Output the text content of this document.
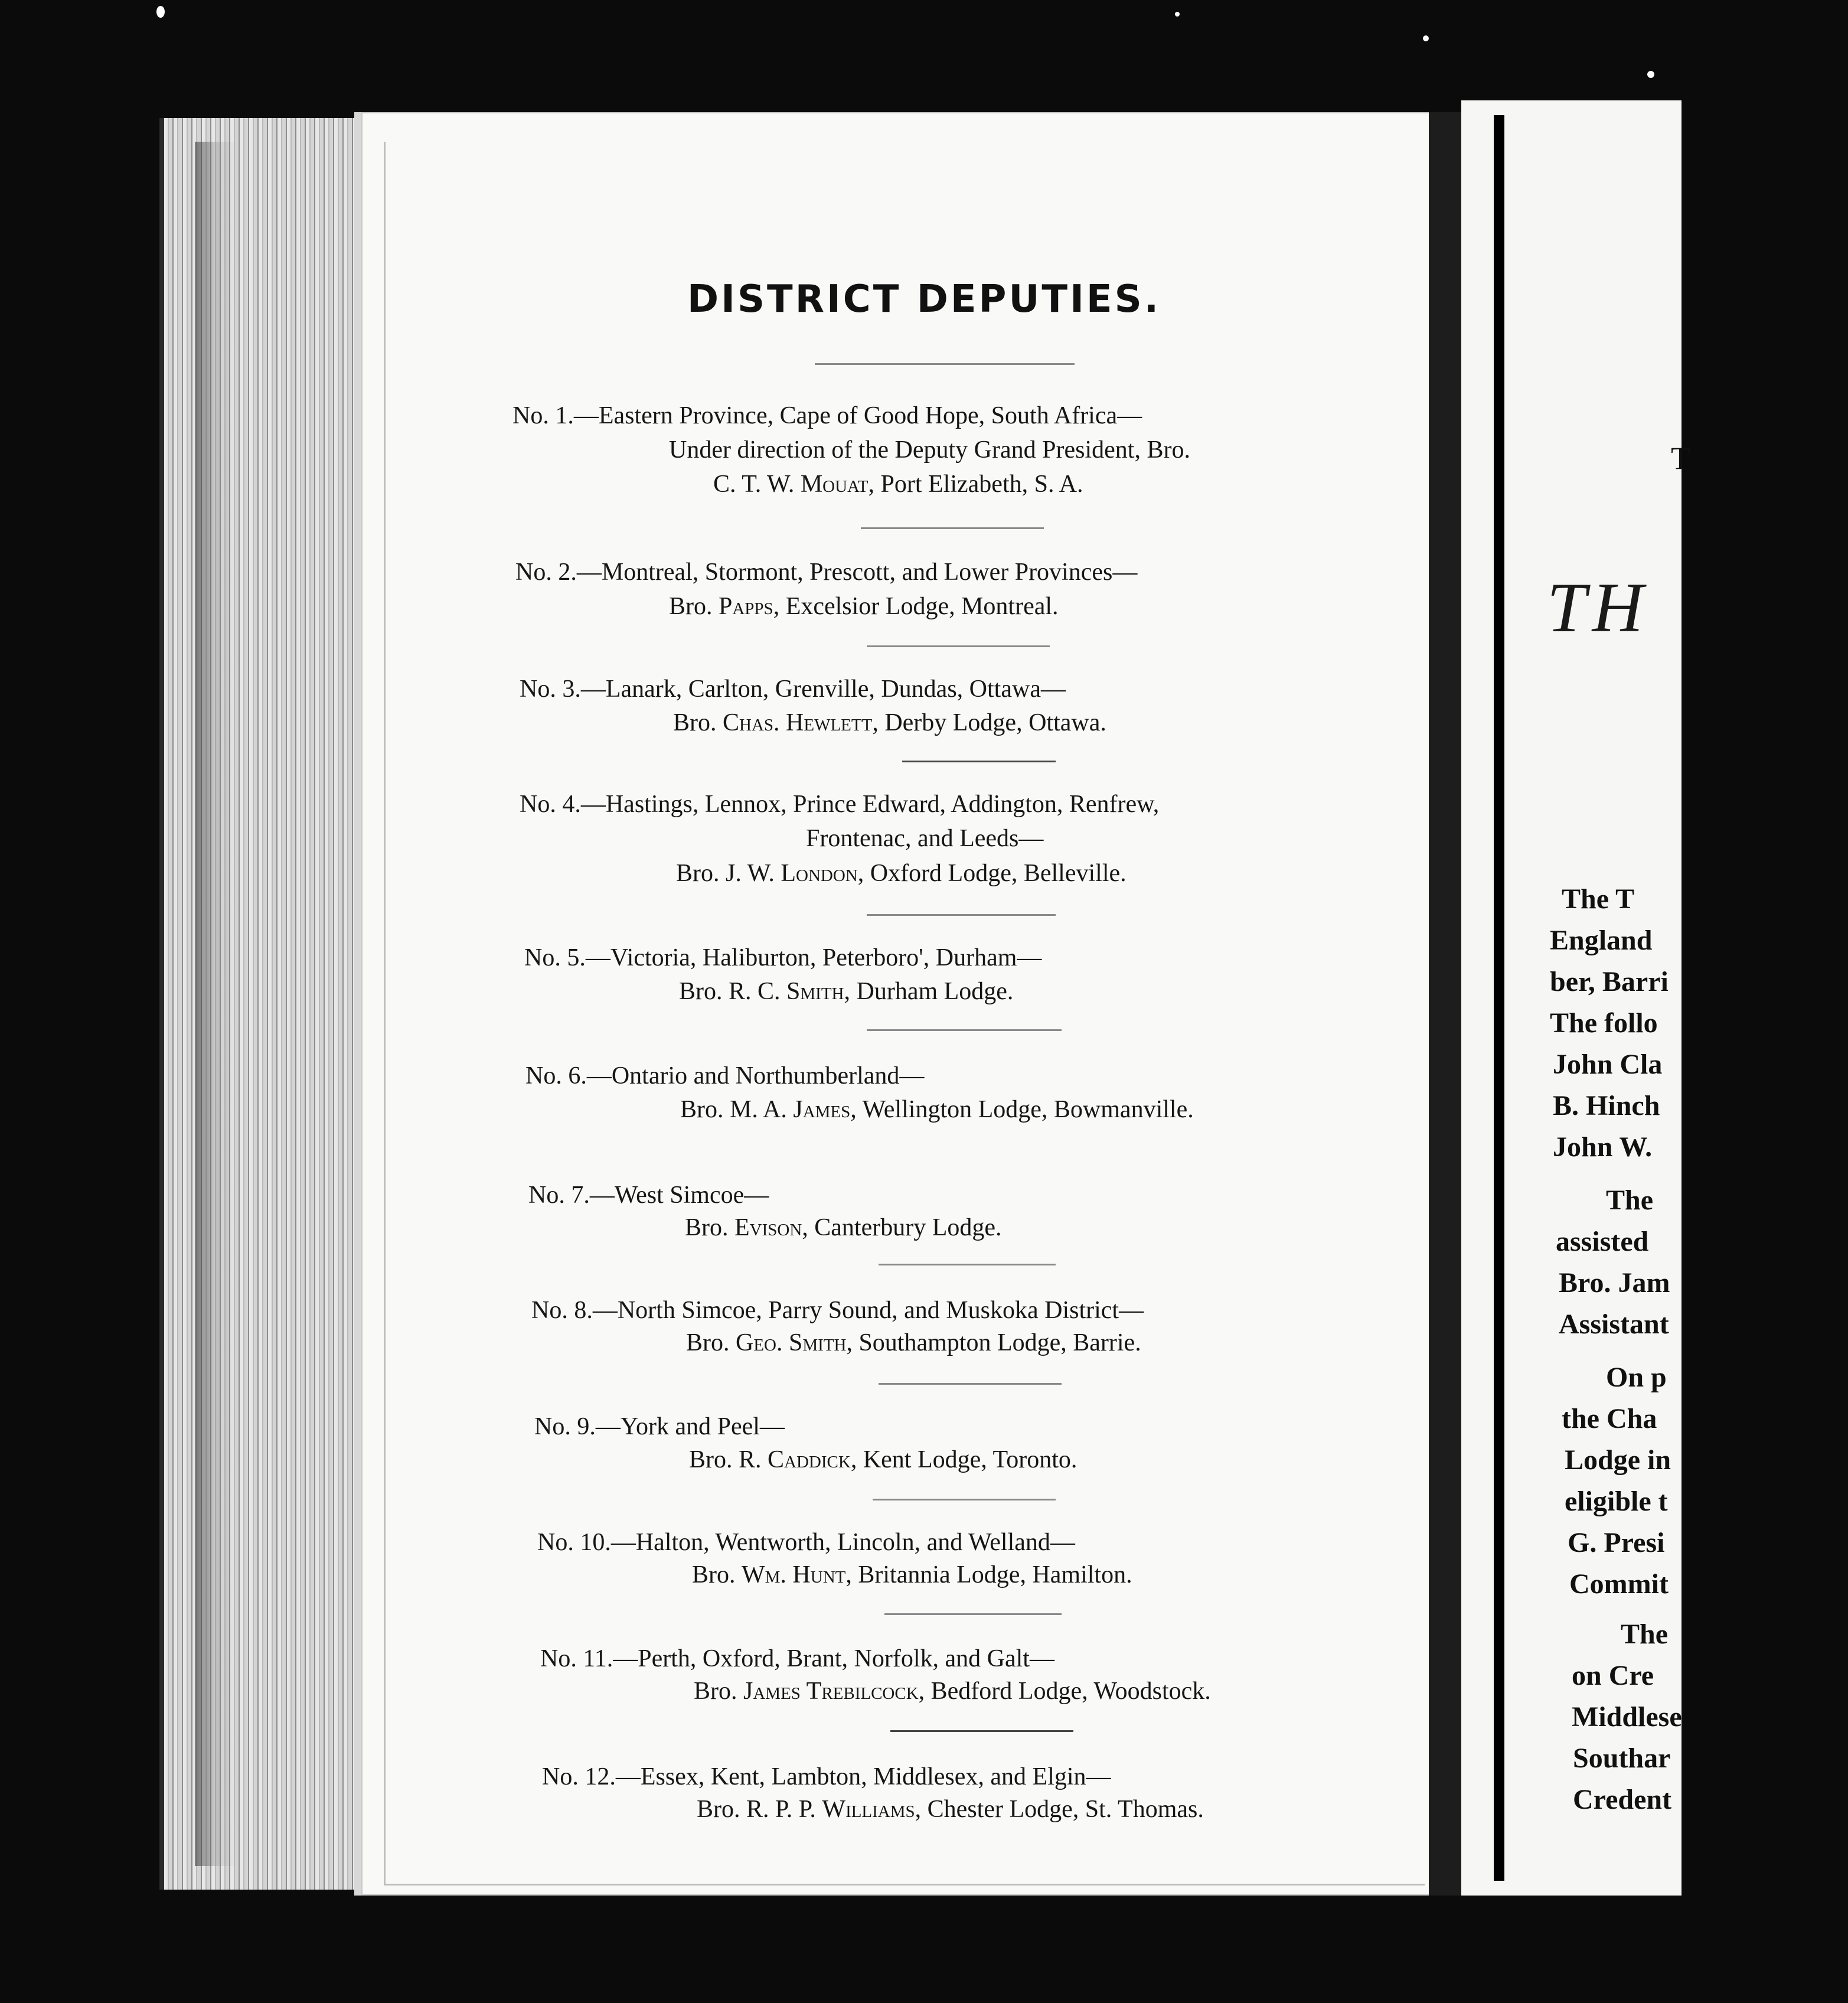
DISTRICT DEPUTIES.
No. 1.—Eastern Province, Cape of Good Hope, South Africa—
Under direction of the Deputy Grand President, Bro.
C. T. W. Mouat, Port Elizabeth, S. A.
No. 2.—Montreal, Stormont, Prescott, and Lower Provinces—
Bro. Papps, Excelsior Lodge, Montreal.
No. 3.—Lanark, Carlton, Grenville, Dundas, Ottawa—
Bro. Chas. Hewlett, Derby Lodge, Ottawa.
No. 4.—Hastings, Lennox, Prince Edward, Addington, Renfrew,
Frontenac, and Leeds—
Bro. J. W. London, Oxford Lodge, Belleville.
No. 5.—Victoria, Haliburton, Peterboro', Durham—
Bro. R. C. Smith, Durham Lodge.
No. 6.—Ontario and Northumberland—
Bro. M. A. James, Wellington Lodge, Bowmanville.
No. 7.—West Simcoe—
Bro. Evison, Canterbury Lodge.
No. 8.—North Simcoe, Parry Sound, and Muskoka District—
Bro. Geo. Smith, Southampton Lodge, Barrie.
No. 9.—York and Peel—
Bro. R. Caddick, Kent Lodge, Toronto.
No. 10.—Halton, Wentworth, Lincoln, and Welland—
Bro. Wm. Hunt, Britannia Lodge, Hamilton.
No. 11.—Perth, Oxford, Brant, Norfolk, and Galt—
Bro. James Trebilcock, Bedford Lodge, Woodstock.
No. 12.—Essex, Kent, Lambton, Middlesex, and Elgin—
Bro. R. P. P. Williams, Chester Lodge, St. Thomas.
T
TH
The T
England
ber, Barri
The follo
John Cla
B. Hinch
John W.
The
assisted
Bro. Jam
Assistant
On p
the Cha
Lodge in
eligible t
G. Presi
Commit
The
on Cre
Middlese
Southar
Credent
